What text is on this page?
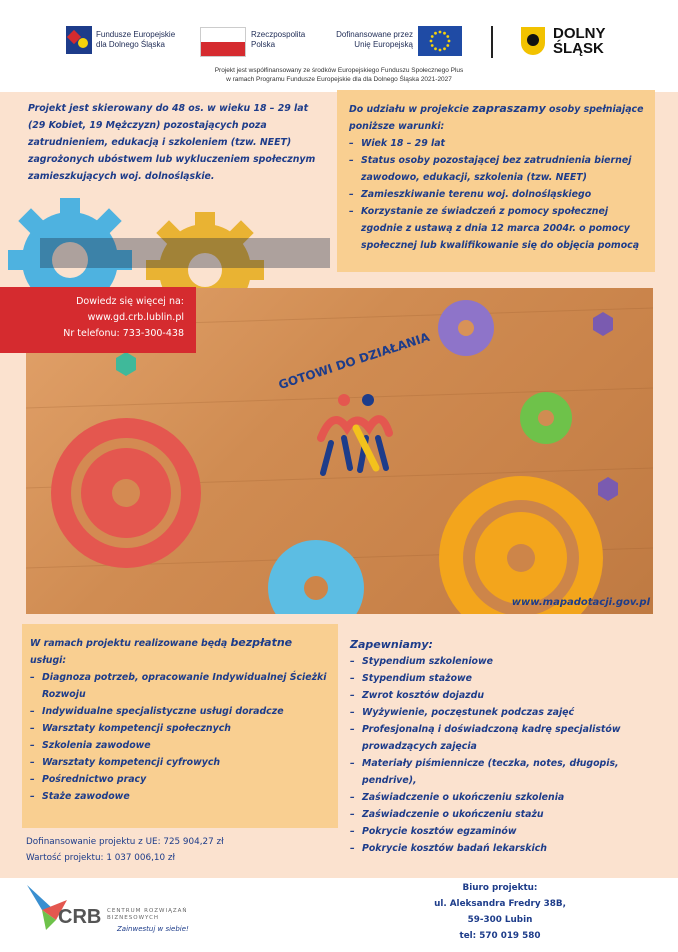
Fundusze Europejskie
dla Dolnego Śląska
Rzeczpospolita
Polska
Dofinansowane przez
Unię Europejską
DOLNY
ŚLĄSK
Projekt jest współfinansowany ze środków Europejskiego Funduszu Społecznego Plus
w ramach Programu Fundusze Europejskie dla dla Dolnego Śląska 2021-2027
Projekt jest skierowany do 48 os. w wieku 18 – 29 lat (29 Kobiet, 19 Mężczyzn) pozostających poza zatrudnieniem, edukacją i szkoleniem (tzw. NEET) zagrożonych ubóstwem lub wykluczeniem społecznym zamieszkujących woj. dolnośląskie.

Do udziału w projekcie zapraszamy osoby spełniające poniższe warunki:

– Wiek 18 – 29 lat
– Status osoby pozostającej bez zatrudnienia biernej zawodowo, edukacji, szkolenia (tzw. NEET)
– Zamieszkiwanie terenu woj. dolnośląskiego
– Korzystanie ze świadczeń z pomocy społecznej zgodnie z ustawą z dnia 12 marca 2004r. o pomocy społecznej lub kwalifikowanie się do objęcia pomocą
GOTOWI DO DZIAŁANIA
www.mapadotacji.gov.pl
Dowiedz się więcej na:
www.gd.crb.lublin.pl
Nr telefonu: 733-300-438
W ramach projektu realizowane będą bezpłatne usługi:
– Diagnoza potrzeb, opracowanie Indywidualnej Ścieżki Rozwoju
– Indywidualne specjalistyczne usługi doradcze
– Warsztaty kompetencji społecznych
– Szkolenia zawodowe
– Warsztaty kompetencji cyfrowych
– Pośrednictwo pracy
– Staże zawodowe
Zapewniamy:
– Stypendium szkoleniowe
– Stypendium stażowe
– Zwrot kosztów dojazdu
– Wyżywienie, poczęstunek podczas zajęć
– Profesjonalną i doświadczoną kadrę specjalistów prowadzących zajęcia
– Materiały piśmiennicze (teczka, notes, długopis, pendrive),
– Zaświadczenie o ukończeniu szkolenia
– Zaświadczenie o ukończeniu stażu
– Pokrycie kosztów egzaminów
– Pokrycie kosztów badań lekarskich
Dofinansowanie projektu z UE: 725 904,27 zł
Wartość projektu: 1 037 006,10 zł
CRB CENTRUM ROZWIĄZAŃ
BIZNESOWYCH
Zainwestuj w siebie!
Biuro projektu:
ul. Aleksandra Fredry 38B,
59-300 Lubin
tel: 570 019 580
